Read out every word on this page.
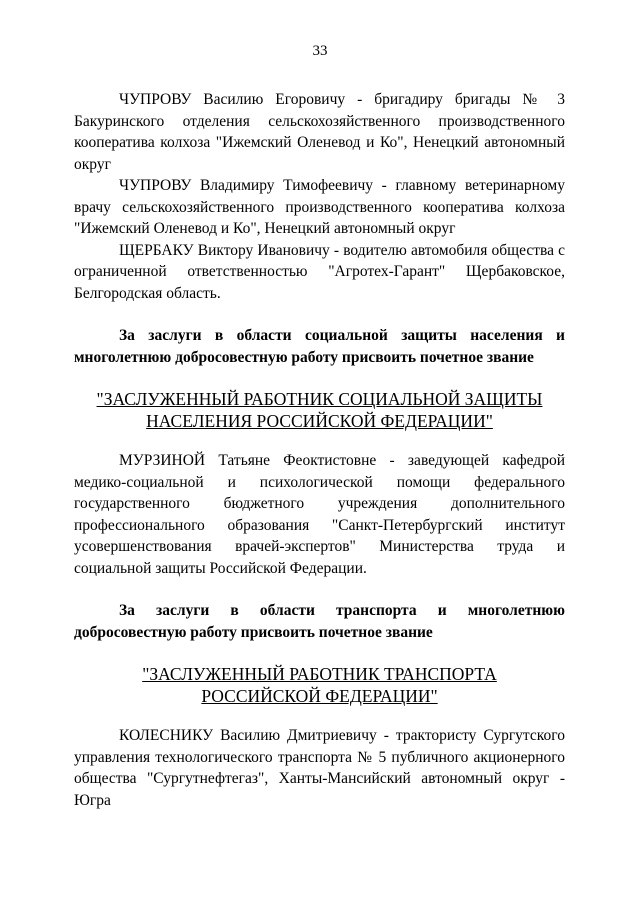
33

ЧУПРОВУ Василию Егоровичу - бригадиру бригады № 3 Бакуринского отделения сельскохозяйственного производственного кооператива колхоза "Ижемский Оленевод и Ко", Ненецкий автономный округ

ЧУПРОВУ Владимиру Тимофеевичу - главному ветеринарному врачу сельскохозяйственного производственного кооператива колхоза "Ижемский Оленевод и Ко", Ненецкий автономный округ

ЩЕРБАКУ Виктору Ивановичу - водителю автомобиля общества с ограниченной ответственностью "Агротех-Гарант" Щербаковское, Белгородская область.

За заслуги в области социальной защиты населения и многолетнюю добросовестную работу присвоить почетное звание

"ЗАСЛУЖЕННЫЙ РАБОТНИК СОЦИАЛЬНОЙ ЗАЩИТЫ
НАСЕЛЕНИЯ РОССИЙСКОЙ ФЕДЕРАЦИИ"

МУРЗИНОЙ Татьяне Феоктистовне - заведующей кафедрой медико-социальной и психологической помощи федерального государственного бюджетного учреждения дополнительного профессионального образования "Санкт-Петербургский институт усовершенствования врачей-экспертов" Министерства труда и социальной защиты Российской Федерации.

За заслуги в области транспорта и многолетнюю добросовестную работу присвоить почетное звание

"ЗАСЛУЖЕННЫЙ РАБОТНИК ТРАНСПОРТА
РОССИЙСКОЙ ФЕДЕРАЦИИ"

КОЛЕСНИКУ Василию Дмитриевичу - трактористу Сургутского управления технологического транспорта № 5 публичного акционерного общества "Сургутнефтегаз", Ханты-Мансийский автономный округ - Югра
